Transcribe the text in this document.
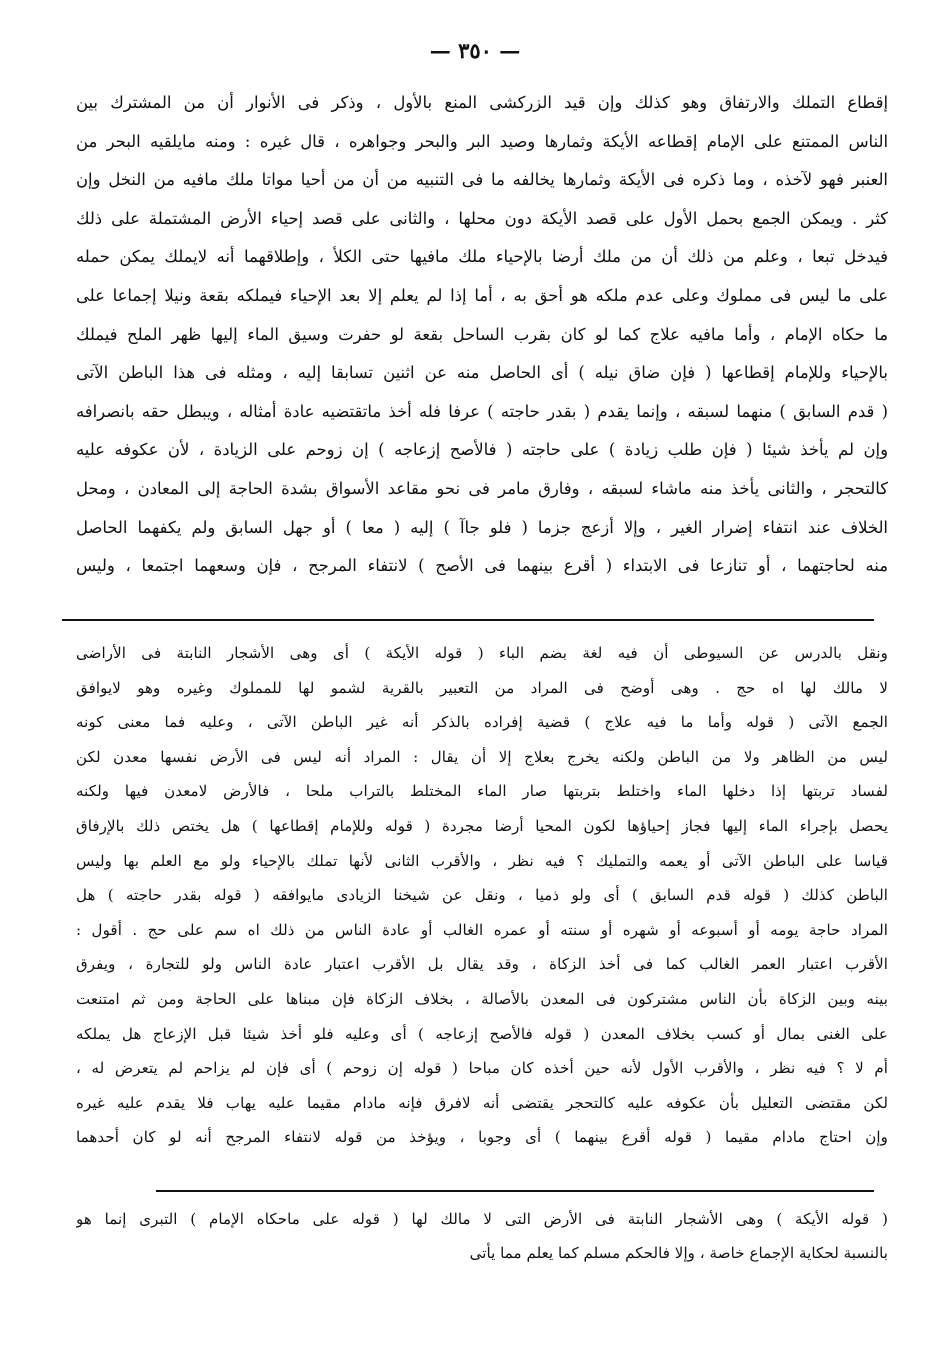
— ٣٥٠ —
إقطاع التملك والارتفاق وهو كذلك وإن قيد الزركشى المنع بالأول ، وذكر فى الأنوار أن من المشترك بين
الناس الممتنع على الإمام إقطاعه الأيكة وثمارها وصيد البر والبحر وجواهره ، قال غيره : ومنه مايلقيه البحر من
العنبر فهو لآخذه ، وما ذكره فى الأيكة وثمارها يخالفه ما فى التنبيه من أن من أحيا مواتا ملك مافيه من النخل وإن
كثر . ويمكن الجمع بحمل الأول على قصد الأيكة دون محلها ، والثانى على قصد إحياء الأرض المشتملة على ذلك
فيدخل تبعا ، وعلم من ذلك أن من ملك أرضا بالإحياء ملك مافيها حتى الكلأ ، وإطلاقهما أنه لايملك يمكن حمله
على ما ليس فى مملوك وعلى عدم ملكه هو أحق به ، أما إذا لم يعلم إلا بعد الإحياء فيملكه بقعة ونيلا إجماعا على
ما حكاه الإمام ، وأما مافيه علاج كما لو كان بقرب الساحل بقعة لو حفرت وسيق الماء إليها ظهر الملح فيملك
بالإحياء وللإمام إقطاعها ( فإن ضاق نيله ) أى الحاصل منه عن اثنين تسابقا إليه ، ومثله فى هذا الباطن الآتى
( قدم السابق ) منهما لسبقه ، وإنما يقدم ( بقدر حاجته ) عرفا فله أخذ ماتقتضيه عادة أمثاله ، ويبطل حقه بانصرافه
وإن لم يأخذ شيئا ( فإن طلب زيادة ) على حاجته ( فالأصح إزعاجه ) إن زوحم على الزيادة ، لأن عكوفه عليه
كالتحجر ، والثانى يأخذ منه ماشاء لسبقه ، وفارق مامر فى نحو مقاعد الأسواق بشدة الحاجة إلى المعادن ، ومحل
الخلاف عند انتفاء إضرار الغير ، وإلا أزعج جزما ( فلو جاآ ) إليه ( معا ) أو جهل السابق ولم يكفهما الحاصل
منه لحاجتهما ، أو تنازعا فى الابتداء ( أقرع بينهما فى الأصح ) لانتفاء المرجح ، فإن وسعهما اجتمعا ، وليس
ونقل بالدرس عن السيوطى أن فيه لغة بضم الباء ( قوله الأيكة ) أى وهى الأشجار النابتة فى الأراضى
لا مالك لها اه حج . وهى أوضح فى المراد من التعبير بالقرية لشمو لها للمملوك وغيره وهو لايوافق
الجمع الآتى ( قوله وأما ما فيه علاج ) قضية إفراده بالذكر أنه غير الباطن الآتى ، وعليه فما معنى كونه
ليس من الظاهر ولا من الباطن ولكنه يخرج بعلاج إلا أن يقال : المراد أنه ليس فى الأرض نفسها معدن لكن
لفساد تربتها إذا دخلها الماء واختلط بتربتها صار الماء المختلط بالتراب ملحا ، فالأرض لامعدن فيها ولكنه
يحصل بإجراء الماء إليها فجاز إحياؤها لكون المحيا أرضا مجردة ( قوله وللإمام إقطاعها ) هل يختص ذلك بالإرفاق
قياسا على الباطن الآتى أو يعمه والتمليك ؟ فيه نظر ، والأقرب الثانى لأنها تملك بالإحياء ولو مع العلم بها وليس
الباطن كذلك ( قوله قدم السابق ) أى ولو ذميا ، ونقل عن شيخنا الزيادى مايوافقه ( قوله بقدر حاجته ) هل
المراد حاجة يومه أو أسبوعه أو شهره أو سنته أو عمره الغالب أو عادة الناس من ذلك اه سم على حج . أقول :
الأقرب اعتبار العمر الغالب كما فى أخذ الزكاة ، وقد يقال بل الأقرب اعتبار عادة الناس ولو للتجارة ، ويفرق
بينه وبين الزكاة بأن الناس مشتركون فى المعدن بالأصالة ، بخلاف الزكاة فإن مبناها على الحاجة ومن ثم امتنعت
على الغنى بمال أو كسب بخلاف المعدن ( قوله فالأصح إزعاجه ) أى وعليه فلو أخذ شيئا قبل الإزعاج هل يملكه
أم لا ؟ فيه نظر ، والأقرب الأول لأنه حين أخذه كان مباحا ( قوله إن زوحم ) أى فإن لم يزاحم لم يتعرض له ،
لكن مقتضى التعليل بأن عكوفه عليه كالتحجر يقتضى أنه لافرق فإنه مادام مقيما عليه يهاب فلا يقدم عليه غيره
وإن احتاج مادام مقيما ( قوله أقرع بينهما ) أى وجوبا ، ويؤخذ من قوله لانتفاء المرجح أنه لو كان أحدهما
( قوله الأيكة ) وهى الأشجار النابتة فى الأرض التى لا مالك لها ( قوله على ماحكاه الإمام ) التبرى إنما هو
بالنسبة لحكاية الإجماع خاصة ، وإلا فالحكم مسلم كما يعلم مما يأتى
